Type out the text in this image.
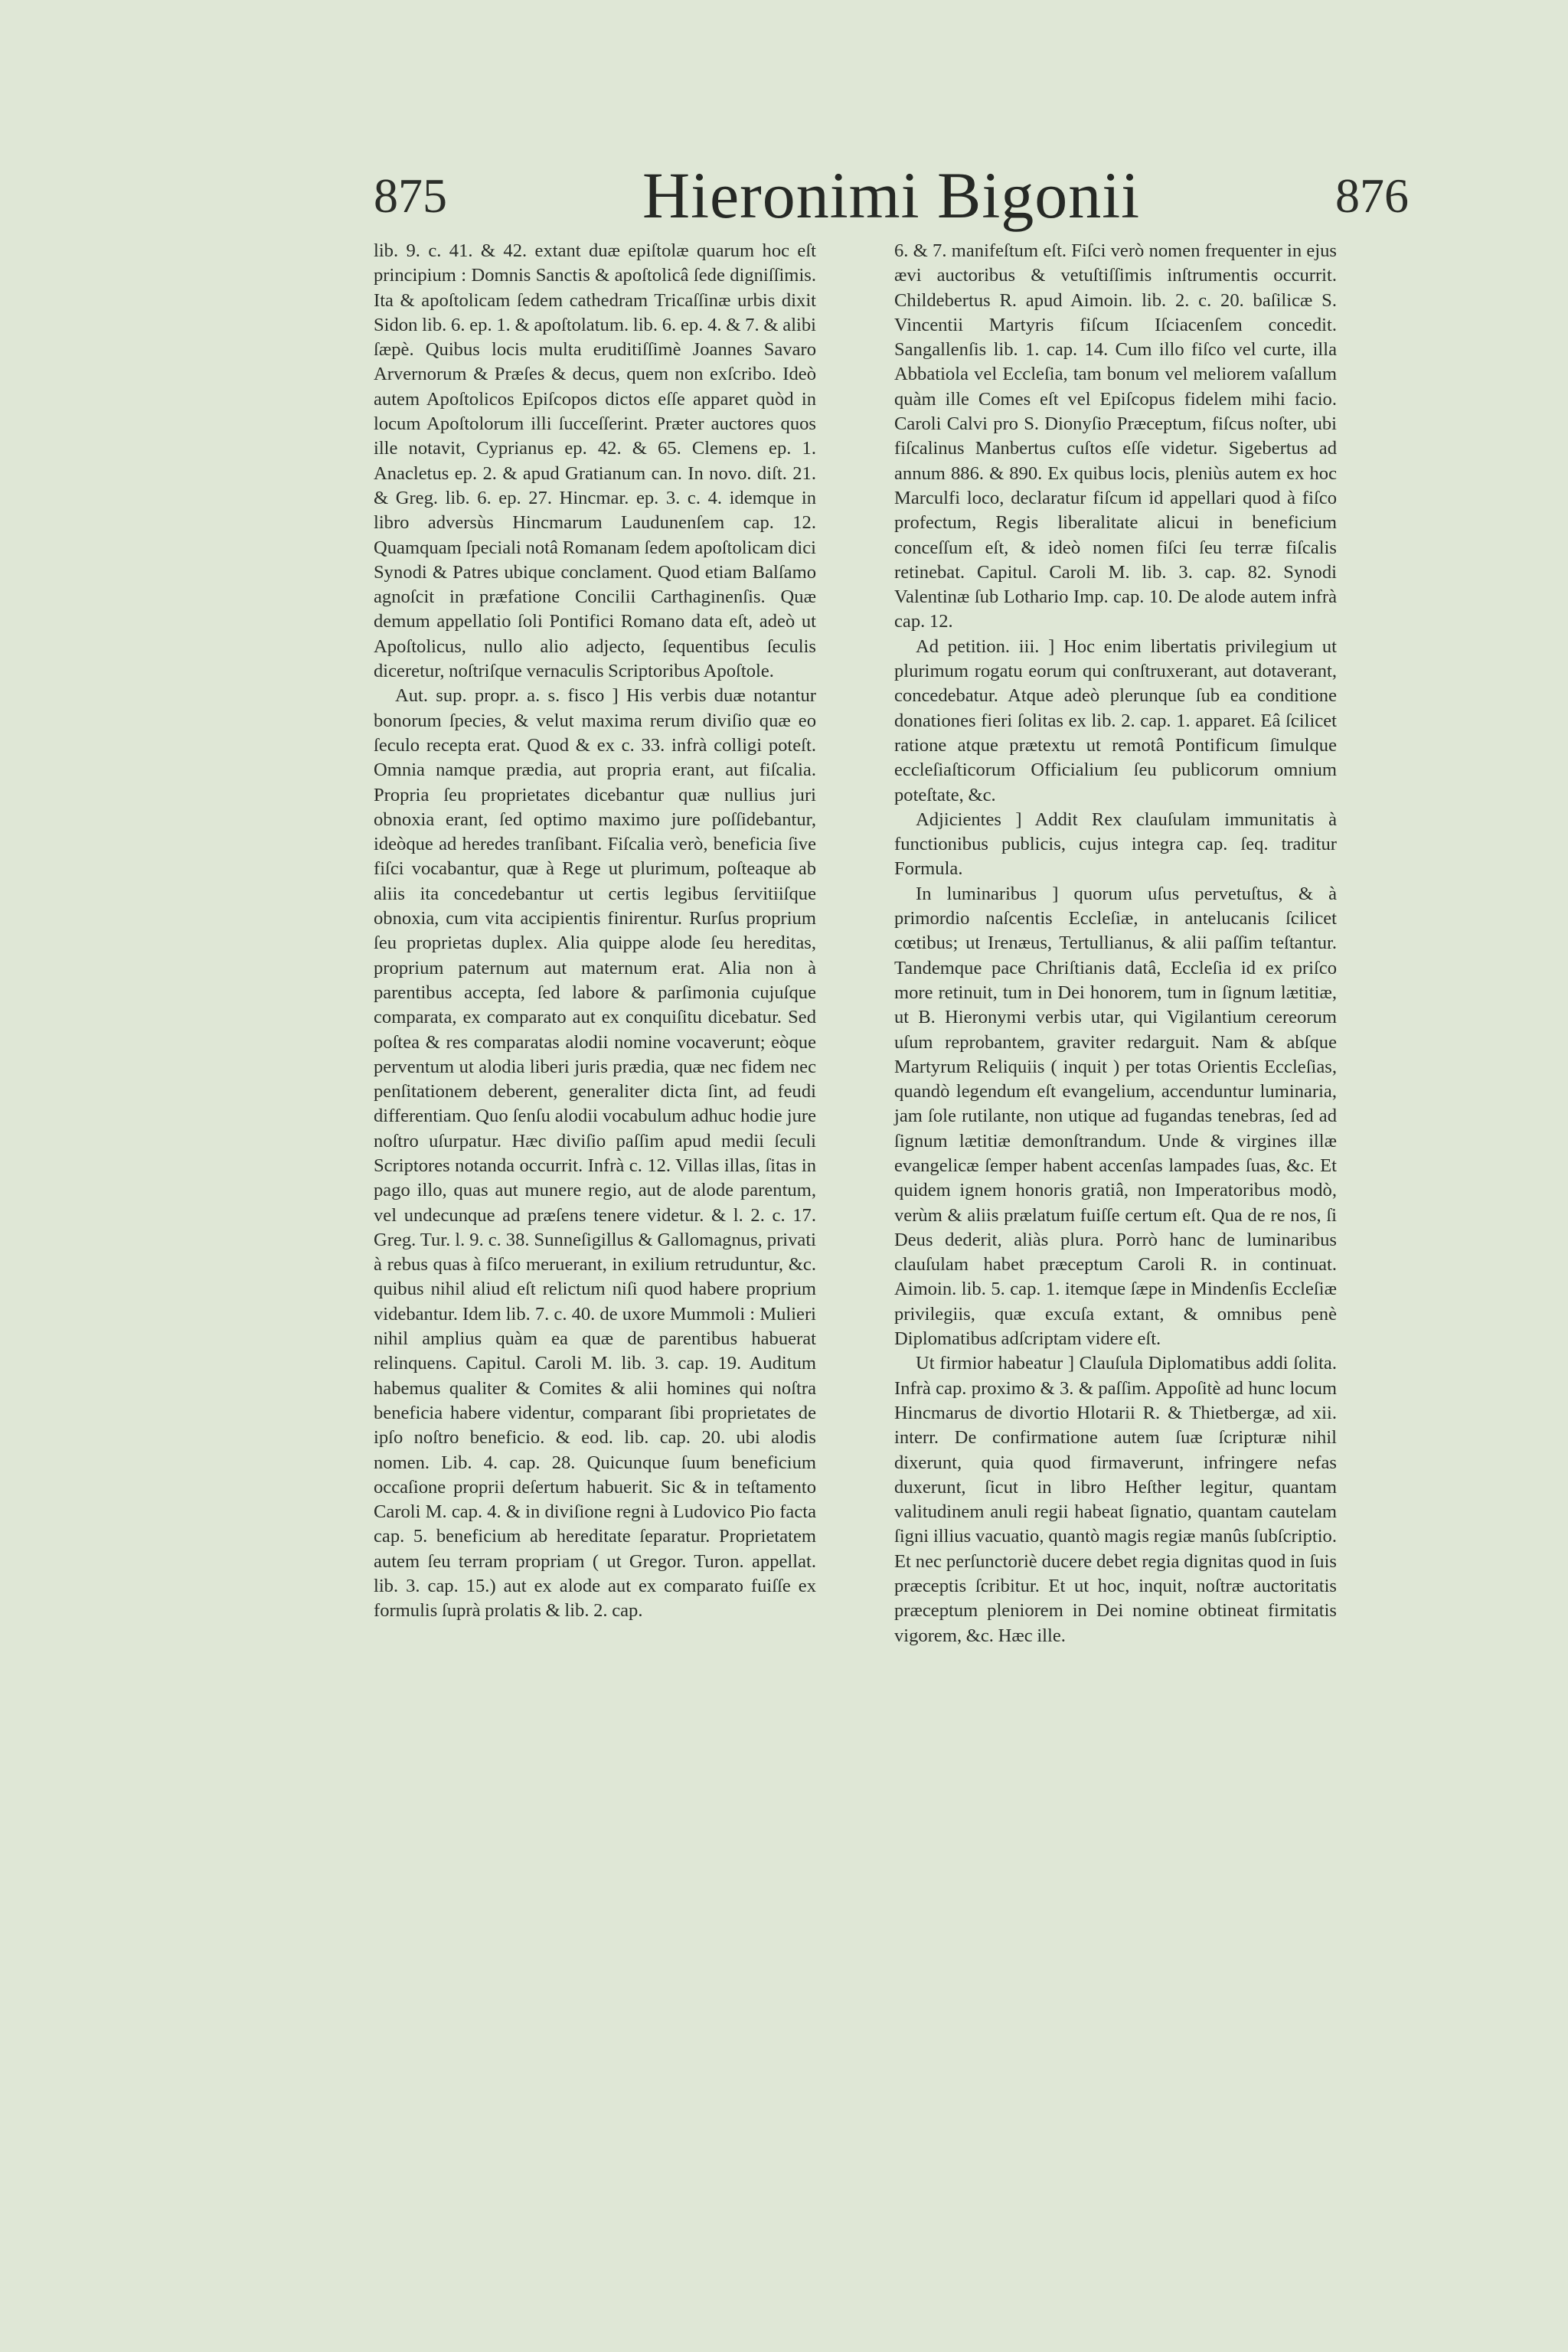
875	Hieronimi Bigonii	876

lib. 9. c. 41. & 42. extant duæ epiſtolæ quarum hoc eſt principium : Domnis Sanctis & apoſtolicâ ſede digniſſimis. Ita & apoſtolicam ſedem cathedram Tricaſſinæ urbis dixit Sidon lib. 6. ep. 1. & apoſtolatum. lib. 6. ep. 4. & 7. & alibi ſæpè. Quibus locis multa eruditiſſimè Joannes Savaro Arvernorum & Præſes & decus, quem non exſcribo. Ideò autem Apoſtolicos Epiſcopos dictos eſſe apparet quòd in locum Apoſtolorum illi ſucceſſerint. Præter auctores quos ille notavit, Cyprianus ep. 42. & 65. Clemens ep. 1. Anacletus ep. 2. & apud Gratianum can. In novo. diſt. 21. & Greg. lib. 6. ep. 27. Hincmar. ep. 3. c. 4. idemque in libro adversùs Hincmarum Laudunenſem cap. 12. Quamquam ſpeciali notâ Romanam ſedem apoſtolicam dici Synodi & Patres ubique conclament. Quod etiam Balſamo agnoſcit in præfatione Concilii Carthaginenſis. Quæ demum appellatio ſoli Pontifici Romano data eſt, adeò ut Apoſtolicus, nullo alio adjecto, ſequentibus ſeculis diceretur, noſtriſque vernaculis Scriptoribus Apoſtole.

Aut. sup. propr. a. s. fisco ] His verbis duæ notantur bonorum ſpecies, & velut maxima rerum diviſio quæ eo ſeculo recepta erat. Quod & ex c. 33. infrà colligi poteſt. Omnia namque prædia, aut propria erant, aut fiſcalia. Propria ſeu proprietates dicebantur quæ nullius juri obnoxia erant, ſed optimo maximo jure poſſidebantur, ideòque ad heredes tranſibant. Fiſcalia verò, beneficia ſive fiſci vocabantur, quæ à Rege ut plurimum, poſteaque ab aliis ita concedebantur ut certis legibus ſervitiiſque obnoxia, cum vita accipientis finirentur. Rurſus proprium ſeu proprietas duplex. Alia quippe alode ſeu hereditas, proprium paternum aut maternum erat. Alia non à parentibus accepta, ſed labore & parſimonia cujuſque comparata, ex comparato aut ex conquiſitu dicebatur. Sed poſtea & res comparatas alodii nomine vocaverunt; eòque perventum ut alodia liberi juris prædia, quæ nec fidem nec penſitationem deberent, generaliter dicta ſint, ad feudi differentiam. Quo ſenſu alodii vocabulum adhuc hodie jure noſtro uſurpatur. Hæc diviſio paſſim apud medii ſeculi Scriptores notanda occurrit. Infrà c. 12. Villas illas, ſitas in pago illo, quas aut munere regio, aut de alode parentum, vel undecunque ad præſens tenere videtur. & l. 2. c. 17. Greg. Tur. l. 9. c. 38. Sunneſigillus & Gallomagnus, privati à rebus quas à fiſco meruerant, in exilium retruduntur, &c. quibus nihil aliud eſt relictum niſi quod habere proprium videbantur. Idem lib. 7. c. 40. de uxore Mummoli : Mulieri nihil amplius quàm ea quæ de parentibus habuerat relinquens. Capitul. Caroli M. lib. 3. cap. 19. Auditum habemus qualiter & Comites & alii homines qui noſtra beneficia habere videntur, comparant ſibi proprietates de ipſo noſtro beneficio. & eod. lib. cap. 20. ubi alodis nomen. Lib. 4. cap. 28. Quicunque ſuum beneficium occaſione proprii deſertum habuerit. Sic & in teſtamento Caroli M. cap. 4. & in diviſione regni à Ludovico Pio facta cap. 5. beneficium ab hereditate ſeparatur. Proprietatem autem ſeu terram propriam ( ut Gregor. Turon. appellat. lib. 3. cap. 15.) aut ex alode aut ex comparato fuiſſe ex formulis ſuprà prolatis & lib. 2. cap.

6. & 7. manifeſtum eſt. Fiſci verò nomen frequenter in ejus ævi auctoribus & vetuſtiſſimis inſtrumentis occurrit. Childebertus R. apud Aimoin. lib. 2. c. 20. baſilicæ S. Vincentii Martyris fiſcum Iſciacenſem concedit. Sangallenſis lib. 1. cap. 14. Cum illo fiſco vel curte, illa Abbatiola vel Eccleſia, tam bonum vel meliorem vaſallum quàm ille Comes eſt vel Epiſcopus fidelem mihi facio. Caroli Calvi pro S. Dionyſio Præceptum, fiſcus noſter, ubi fiſcalinus Manbertus cuſtos eſſe videtur. Sigebertus ad annum 886. & 890. Ex quibus locis, pleniùs autem ex hoc Marculfi loco, declaratur fiſcum id appellari quod à fiſco profectum, Regis liberalitate alicui in beneficium conceſſum eſt, & ideò nomen fiſci ſeu terræ fiſcalis retinebat. Capitul. Caroli M. lib. 3. cap. 82. Synodi Valentinæ ſub Lothario Imp. cap. 10. De alode autem infrà cap. 12.

Ad petition. iii. ] Hoc enim libertatis privilegium ut plurimum rogatu eorum qui conſtruxerant, aut dotaverant, concedebatur. Atque adeò plerunque ſub ea conditione donationes fieri ſolitas ex lib. 2. cap. 1. apparet. Eâ ſcilicet ratione atque prætextu ut remotâ Pontificum ſimulque eccleſiaſticorum Officialium ſeu publicorum omnium poteſtate, &c.

Adjicientes ] Addit Rex clauſulam immunitatis à functionibus publicis, cujus integra cap. ſeq. traditur Formula.

In luminaribus ] quorum uſus pervetuſtus, & à primordio naſcentis Eccleſiæ, in antelucanis ſcilicet cœtibus; ut Irenæus, Tertullianus, & alii paſſim teſtantur. Tandemque pace Chriſtianis datâ, Eccleſia id ex priſco more retinuit, tum in Dei honorem, tum in ſignum lætitiæ, ut B. Hieronymi verbis utar, qui Vigilantium cereorum uſum reprobantem, graviter redarguit. Nam & abſque Martyrum Reliquiis ( inquit ) per totas Orientis Eccleſias, quandò legendum eſt evangelium, accenduntur luminaria, jam ſole rutilante, non utique ad fugandas tenebras, ſed ad ſignum lætitiæ demonſtrandum. Unde & virgines illæ evangelicæ ſemper habent accenſas lampades ſuas, &c. Et quidem ignem honoris gratiâ, non Imperatoribus modò, verùm & aliis prælatum fuiſſe certum eſt. Qua de re nos, ſi Deus dederit, aliàs plura. Porrò hanc de luminaribus clauſulam habet præceptum Caroli R. in continuat. Aimoin. lib. 5. cap. 1. itemque ſæpe in Mindenſis Eccleſiæ privilegiis, quæ excuſa extant, & omnibus penè Diplomatibus adſcriptam videre eſt.

Ut firmior habeatur ] Clauſula Diplomatibus addi ſolita. Infrà cap. proximo & 3. & paſſim. Appoſitè ad hunc locum Hincmarus de divortio Hlotarii R. & Thietbergæ, ad xii. interr. De confirmatione autem ſuæ ſcripturæ nihil dixerunt, quia quod firmaverunt, infringere nefas duxerunt, ſicut in libro Heſther legitur, quantam valitudinem anuli regii habeat ſignatio, quantam cautelam ſigni illius vacuatio, quantò magis regiæ manûs ſubſcriptio. Et nec perſunctoriè ducere debet regia dignitas quod in ſuis præceptis ſcribitur. Et ut hoc, inquit, noſtræ auctoritatis præceptum pleniorem in Dei nomine obtineat firmitatis vigorem, &c. Hæc ille.
